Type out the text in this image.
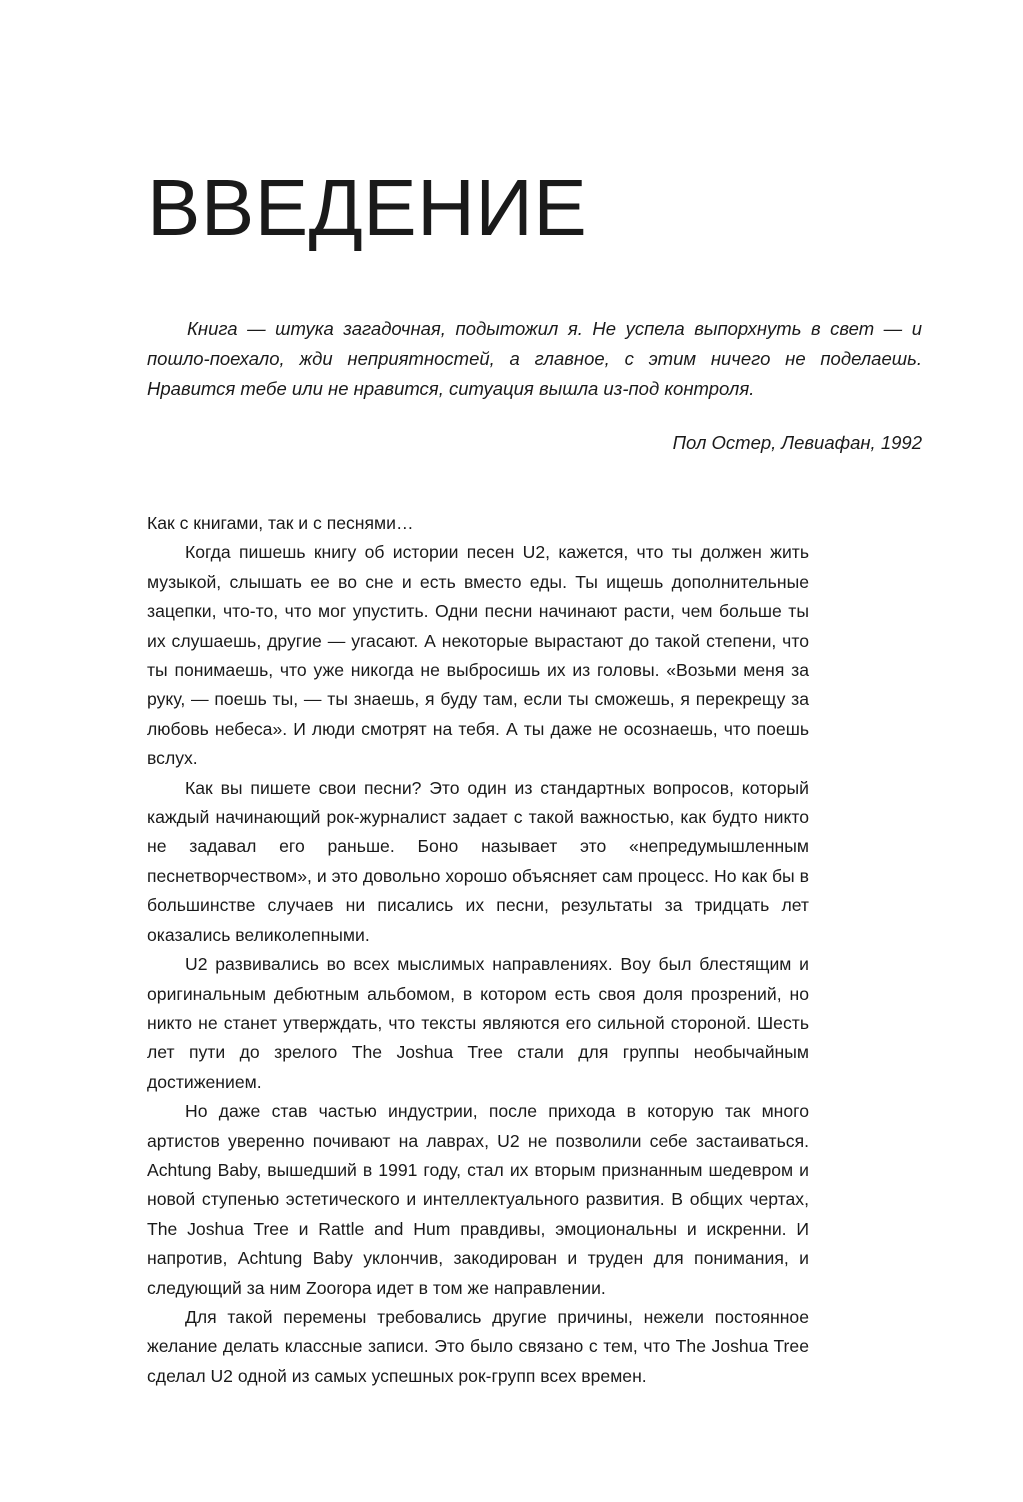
ВВЕДЕНИЕ

Книга — штука загадочная, подытожил я. Не успела выпорхнуть в свет — и пошло-поехало, жди неприятностей, а главное, с этим ничего не поделаешь. Нравится тебе или не нравится, ситуация вышла из-под контроля.

Пол Остер, Левиафан, 1992

Как с книгами, так и с песнями…

Когда пишешь книгу об истории песен U2, кажется, что ты должен жить музыкой, слышать ее во сне и есть вместо еды. Ты ищешь дополнительные зацепки, что-то, что мог упустить. Одни песни начинают расти, чем больше ты их слушаешь, другие — угасают. А некоторые вырастают до такой степени, что ты понимаешь, что уже никогда не выбросишь их из головы. «Возьми меня за руку, — поешь ты, — ты знаешь, я буду там, если ты сможешь, я перекрещу за любовь небеса». И люди смотрят на тебя. А ты даже не осознаешь, что поешь вслух.

Как вы пишете свои песни? Это один из стандартных вопросов, который каждый начинающий рок-журналист задает с такой важностью, как будто никто не задавал его раньше. Боно называет это «непредумышленным песнетворчеством», и это довольно хорошо объясняет сам процесс. Но как бы в большинстве случаев ни писались их песни, результаты за тридцать лет оказались великолепными.

U2 развивались во всех мыслимых направлениях. Boy был блестящим и оригинальным дебютным альбомом, в котором есть своя доля прозрений, но никто не станет утверждать, что тексты являются его сильной стороной. Шесть лет пути до зрелого The Joshua Tree стали для группы необычайным достижением.

Но даже став частью индустрии, после прихода в которую так много артистов уверенно почивают на лаврах, U2 не позволили себе застаиваться. Achtung Baby, вышедший в 1991 году, стал их вторым признанным шедевром и новой ступенью эстетического и интеллектуального развития. В общих чертах, The Joshua Tree и Rattle and Hum правдивы, эмоциональны и искренни. И напротив, Achtung Baby уклончив, закодирован и труден для понимания, и следующий за ним Zooropa идет в том же направлении.

Для такой перемены требовались другие причины, нежели постоянное желание делать классные записи. Это было связано с тем, что The Joshua Tree сделал U2 одной из самых успешных рок-групп всех времен.
